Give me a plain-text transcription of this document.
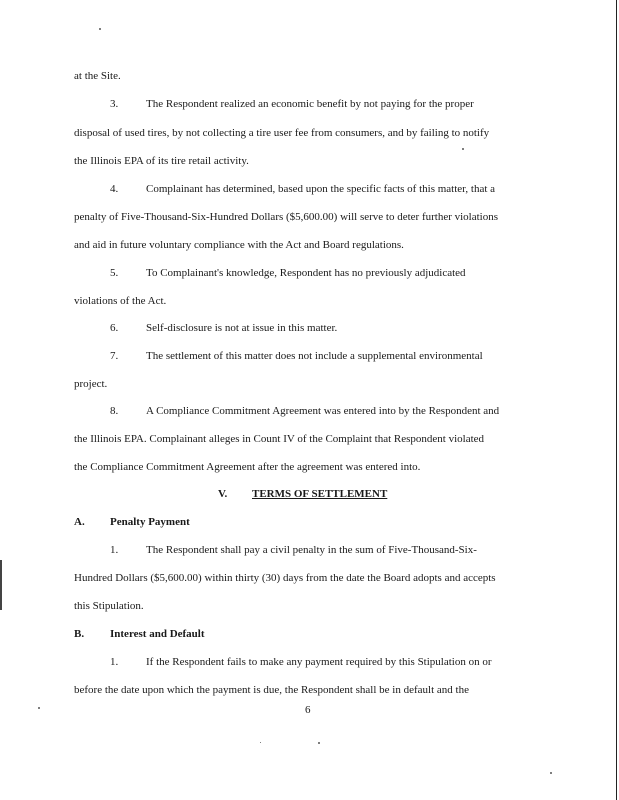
at the Site.
3.	The Respondent realized an economic benefit by not paying for the proper
disposal of used tires, by not collecting a tire user fee from consumers, and by failing to notify
the Illinois EPA of its tire retail activity.
4.	Complainant has determined, based upon the specific facts of this matter, that a
penalty of Five-Thousand-Six-Hundred Dollars ($5,600.00) will serve to deter further violations
and aid in future voluntary compliance with the Act and Board regulations.
5.	To Complainant's knowledge, Respondent has no previously adjudicated
violations of the Act.
6.	Self-disclosure is not at issue in this matter.
7.	The settlement of this matter does not include a supplemental environmental
project.
8.	A Compliance Commitment Agreement was entered into by the Respondent and
the Illinois EPA. Complainant alleges in Count IV of the Complaint that Respondent violated
the Compliance Commitment Agreement after the agreement was entered into.
V. TERMS OF SETTLEMENT
A. Penalty Payment
1.	The Respondent shall pay a civil penalty in the sum of Five-Thousand-Six-
Hundred Dollars ($5,600.00) within thirty (30) days from the date the Board adopts and accepts
this Stipulation.
B. Interest and Default
1.	If the Respondent fails to make any payment required by this Stipulation on or
before the date upon which the payment is due, the Respondent shall be in default and the
6
